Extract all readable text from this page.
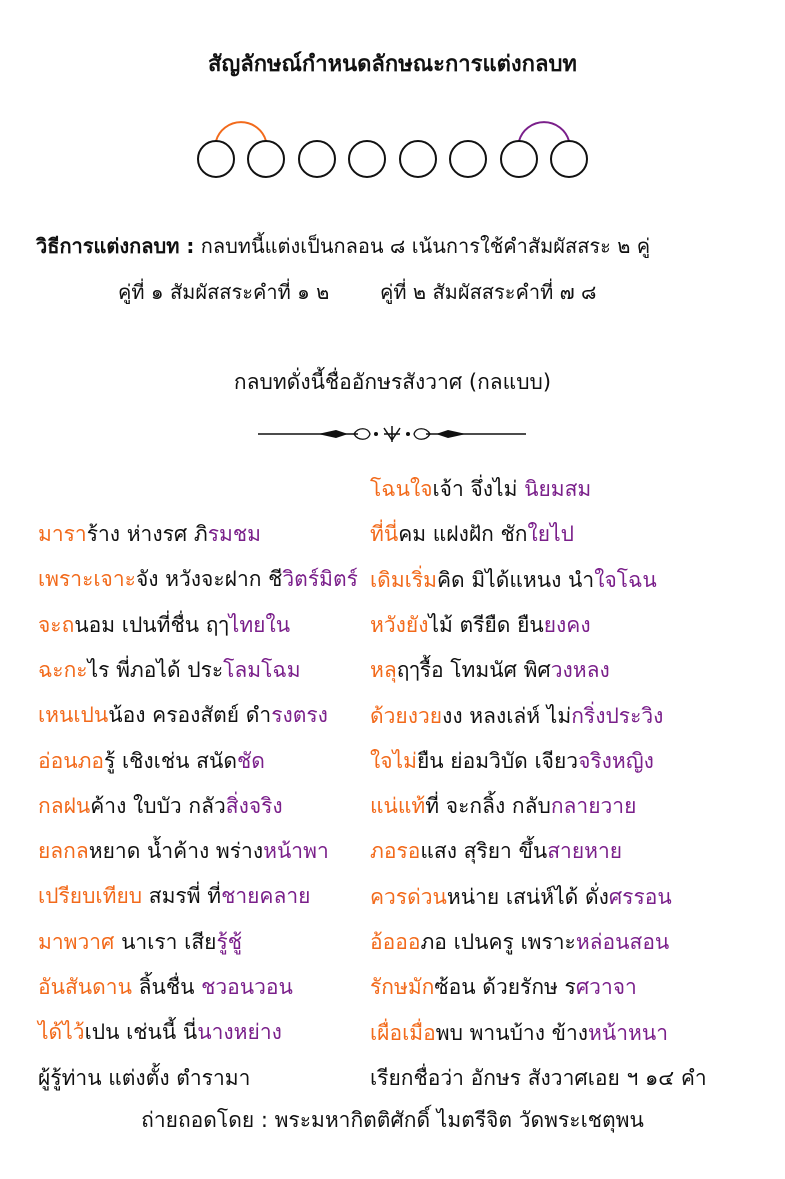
สัญลักษณ์กำหนดลักษณะการแต่งกลบท
วิธีการแต่งกลบท : กลบทนี้แต่งเป็นกลอน ๘ เน้นการใช้คำสัมผัสสระ ๒ คู่
คู่ที่ ๑ สัมผัสสระคำที่ ๑ ๒	คู่ที่ ๒ สัมผัสสระคำที่ ๗ ๘
กลบทดั่งนี้ชื่ออักษรสังวาศ (กลแบบ)
ถ่ายถอดโดย : พระมหากิตติศักดิ์ ไมตรีจิต วัดพระเชตุพน
มาราร้าง ห่างรศ ภิรมชม
เพราะเจาะจัง หวังจะฝาก ชีวิตร์มิตร์
จะถนอม เปนที่ชื่น ฤๅไทยใน
ฉะกะไร พี่ภอได้ ประโลมโฉม
เหนเปนน้อง ครองสัตย์ ดำรงตรง
อ่อนภอรู้ เชิงเช่น สนัดชัด
กลฝนค้าง ใบบัว กลัวสิ่งจริง
ยลกลหยาด น้ำค้าง พร่างหน้าพา
เปรียบเทียบ สมรพี่ ที่ชายคลาย
มาพวาศ นาเรา เสียรู้ชู้
อันสันดาน ลิ้นชื่น ชวอนวอน
ได้ไว้เปน เช่นนี้ นี่นางหย่าง
ผู้รู้ท่าน แต่งตั้ง ตำรามา
โฉนใจเจ้า จึ่งไม่ นิยมสม
ที่นี่คม แฝงฝัก ชักใยไป
เดิมเริ่มคิด มิได้แหนง นำใจโฉน
หวังยังไม้ ตรียืด ยืนยงคง
หลุฤๅรื้อ โทมนัศ พิศวงหลง
ด้วยงวยงง หลงเล่ห์ ไม่กริ่งประวิง
ใจไม่ยืน ย่อมวิบัด เจียวจริงหญิง
แน่แท้ที่ จะกลิ้ง กลับกลายวาย
ภอรอแสง สุริยา ขึ้นสายหาย
ควรด่วนหน่าย เสน่ห์ได้ ดั่งศรรอน
อ้อออภอ เปนครู เพราะหล่อนสอน
รักษมักซ้อน ด้วยรักษ รศวาจา
เผื่อเมื่อพบ พานบ้าง ข้างหน้าหนา
เรียกชื่อว่า อักษร สังวาศเอย ฯ ๑๔ คำ
